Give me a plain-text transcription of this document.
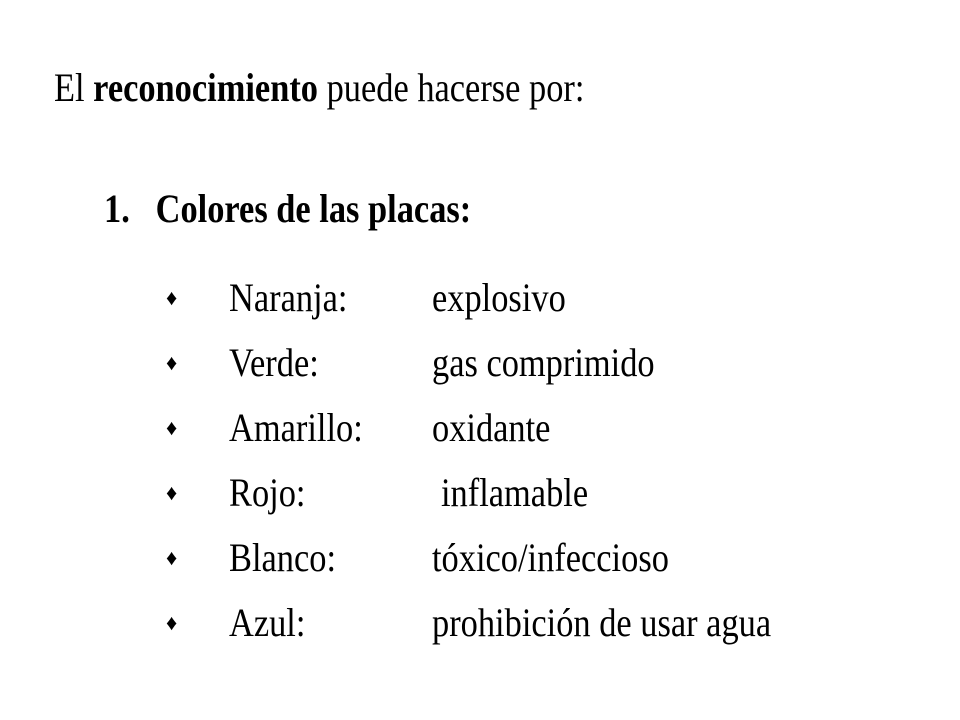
El reconocimiento puede hacerse por:
1. Colores de las placas:
♦ Naranja: explosivo
♦ Verde:	gas comprimido
♦ Amarillo: oxidante
♦ Rojo:	inflamable
♦ Blanco: tóxico/infeccioso
♦ Azul:	prohibición de usar agua
